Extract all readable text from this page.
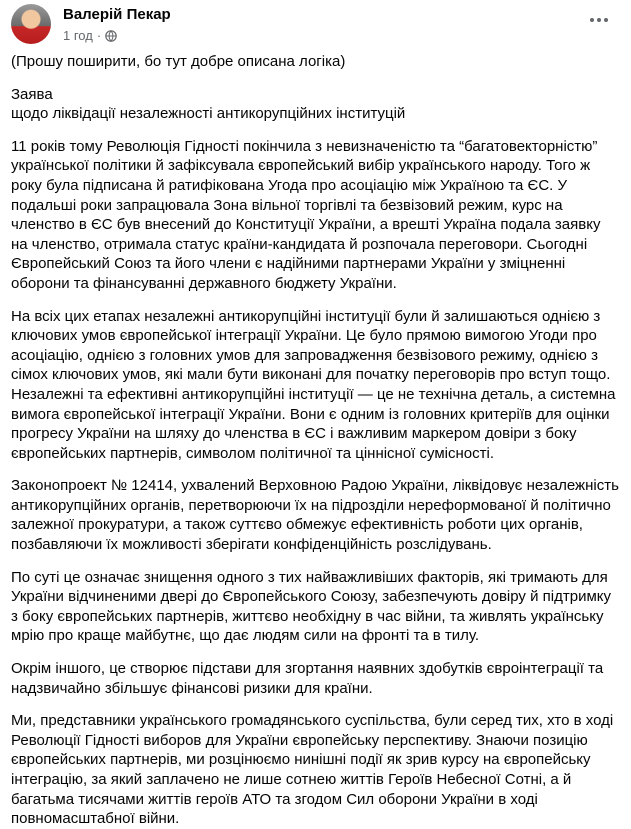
Валерій Пекар
1 год ·

(Прошу поширити, бо тут добре описана логіка)

Заява

щодо ліквідації незалежності антикорупційних інституцій

11 років тому Революція Гідності покінчила з невизначеністю та “багатовекторністю” української політики й зафіксувала європейський вибір українського народу. Того ж року була підписана й ратифікована Угода про асоціацію між Україною та ЄС. У подальші роки запрацювала Зона вільної торгівлі та безвізовий режим, курс на членство в ЄС був внесений до Конституції України, а врешті Україна подала заявку на членство, отримала статус країни-кандидата й розпочала переговори. Сьогодні Європейський Союз та його члени є надійними партнерами України у зміцненні оборони та фінансуванні державного бюджету України.

На всіх цих етапах незалежні антикорупційні інституції були й залишаються однією з ключових умов європейської інтеграції України. Це було прямою вимогою Угоди про асоціацію, однією з головних умов для запровадження безвізового режиму, однією з сімох ключових умов, які мали бути виконані для початку переговорів про вступ тощо. Незалежні та ефективні антикорупційні інституції — це не технічна деталь, а системна вимога європейської інтеграції України. Вони є одним із головних критеріїв для оцінки прогресу України на шляху до членства в ЄС і важливим маркером довіри з боку європейських партнерів, символом політичної та ціннісної сумісності.

Законопроект № 12414, ухвалений Верховною Радою України, ліквідовує незалежність антикорупційних органів, перетворюючи їх на підрозділи нереформованої й політично залежної прокуратури, а також суттєво обмежує ефективність роботи цих органів, позбавляючи їх можливості зберігати конфіденційність розслідувань.

По суті це означає знищення одного з тих найважливіших факторів, які тримають для України відчиненими двері до Європейського Союзу, забезпечують довіру й підтримку з боку європейських партнерів, життєво необхідну в час війни, та живлять українську мрію про краще майбутнє, що дає людям сили на фронті та в тилу.

Окрім іншого, це створює підстави для згортання наявних здобутків євроінтеграції та надзвичайно збільшує фінансові ризики для країни.

Ми, представники українського громадянського суспільства, були серед тих, хто в ході Революції Гідності виборов для України європейську перспективу. Знаючи позицію європейських партнерів, ми розцінюємо нинішні події як зрив курсу на європейську інтеграцію, за який заплачено не лише сотнею життів Героїв Небесної Сотні, а й багатьма тисячами життів героїв АТО та згодом Сил оборони України в ході повномасштабної війни.
